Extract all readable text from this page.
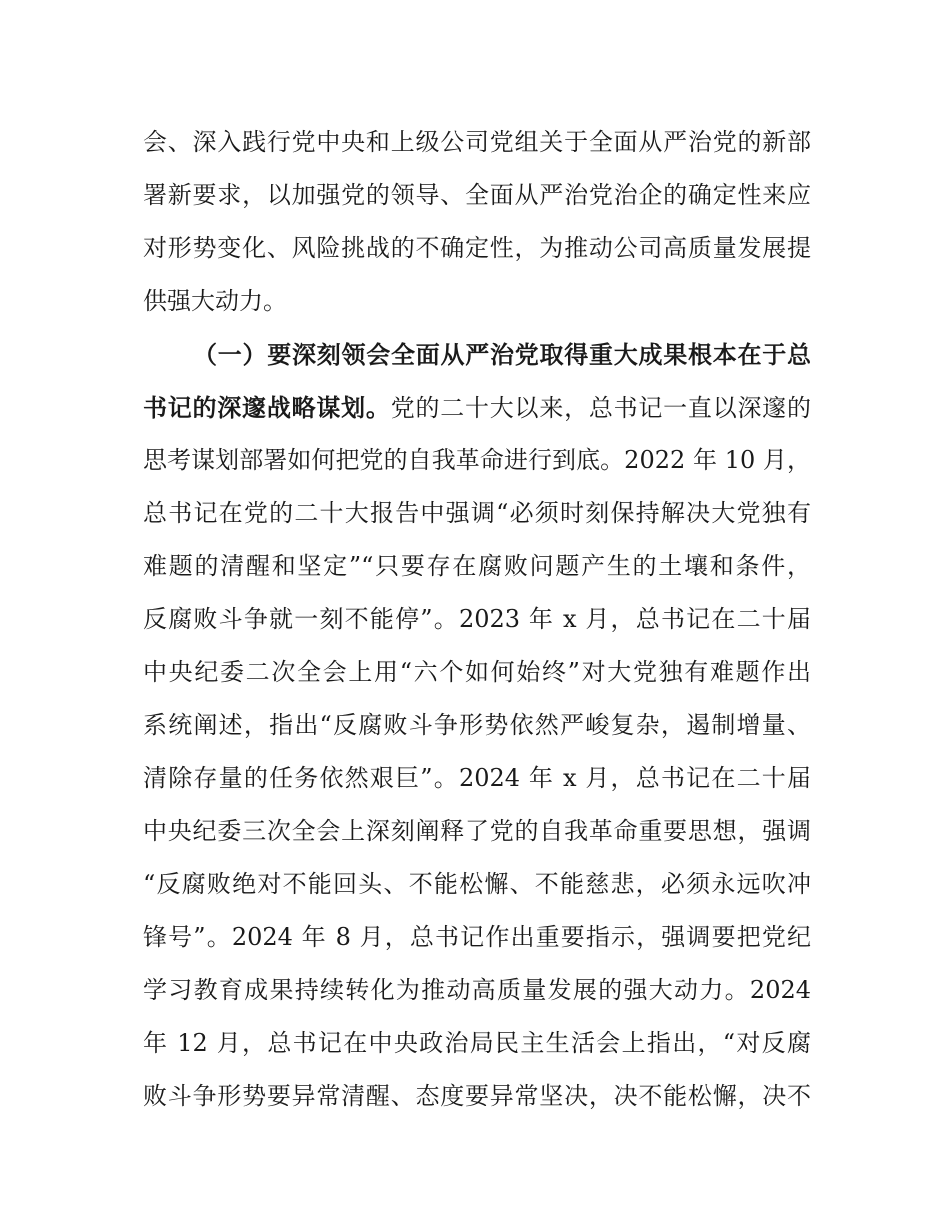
会、深入践行党中央和上级公司党组关于全面从严治党的新部
署新要求，以加强党的领导、全面从严治党治企的确定性来应
对形势变化、风险挑战的不确定性，为推动公司高质量发展提
供强大动力。
（一）要深刻领会全面从严治党取得重大成果根本在于总
书记的深邃战略谋划。党的二十大以来，总书记一直以深邃的
思考谋划部署如何把党的自我革命进行到底。2022 年 10 月，
总书记在党的二十大报告中强调“必须时刻保持解决大党独有
难题的清醒和坚定”“只要存在腐败问题产生的土壤和条件，
反腐败斗争就一刻不能停”。2023 年 x 月，总书记在二十届
中央纪委二次全会上用“六个如何始终”对大党独有难题作出
系统阐述，指出“反腐败斗争形势依然严峻复杂，遏制增量、
清除存量的任务依然艰巨”。2024 年 x 月，总书记在二十届
中央纪委三次全会上深刻阐释了党的自我革命重要思想，强调
“反腐败绝对不能回头、不能松懈、不能慈悲，必须永远吹冲
锋号”。2024 年 8 月，总书记作出重要指示，强调要把党纪
学习教育成果持续转化为推动高质量发展的强大动力。2024
年 12 月，总书记在中央政治局民主生活会上指出，“对反腐
败斗争形势要异常清醒、态度要异常坚决，决不能松懈，决不
